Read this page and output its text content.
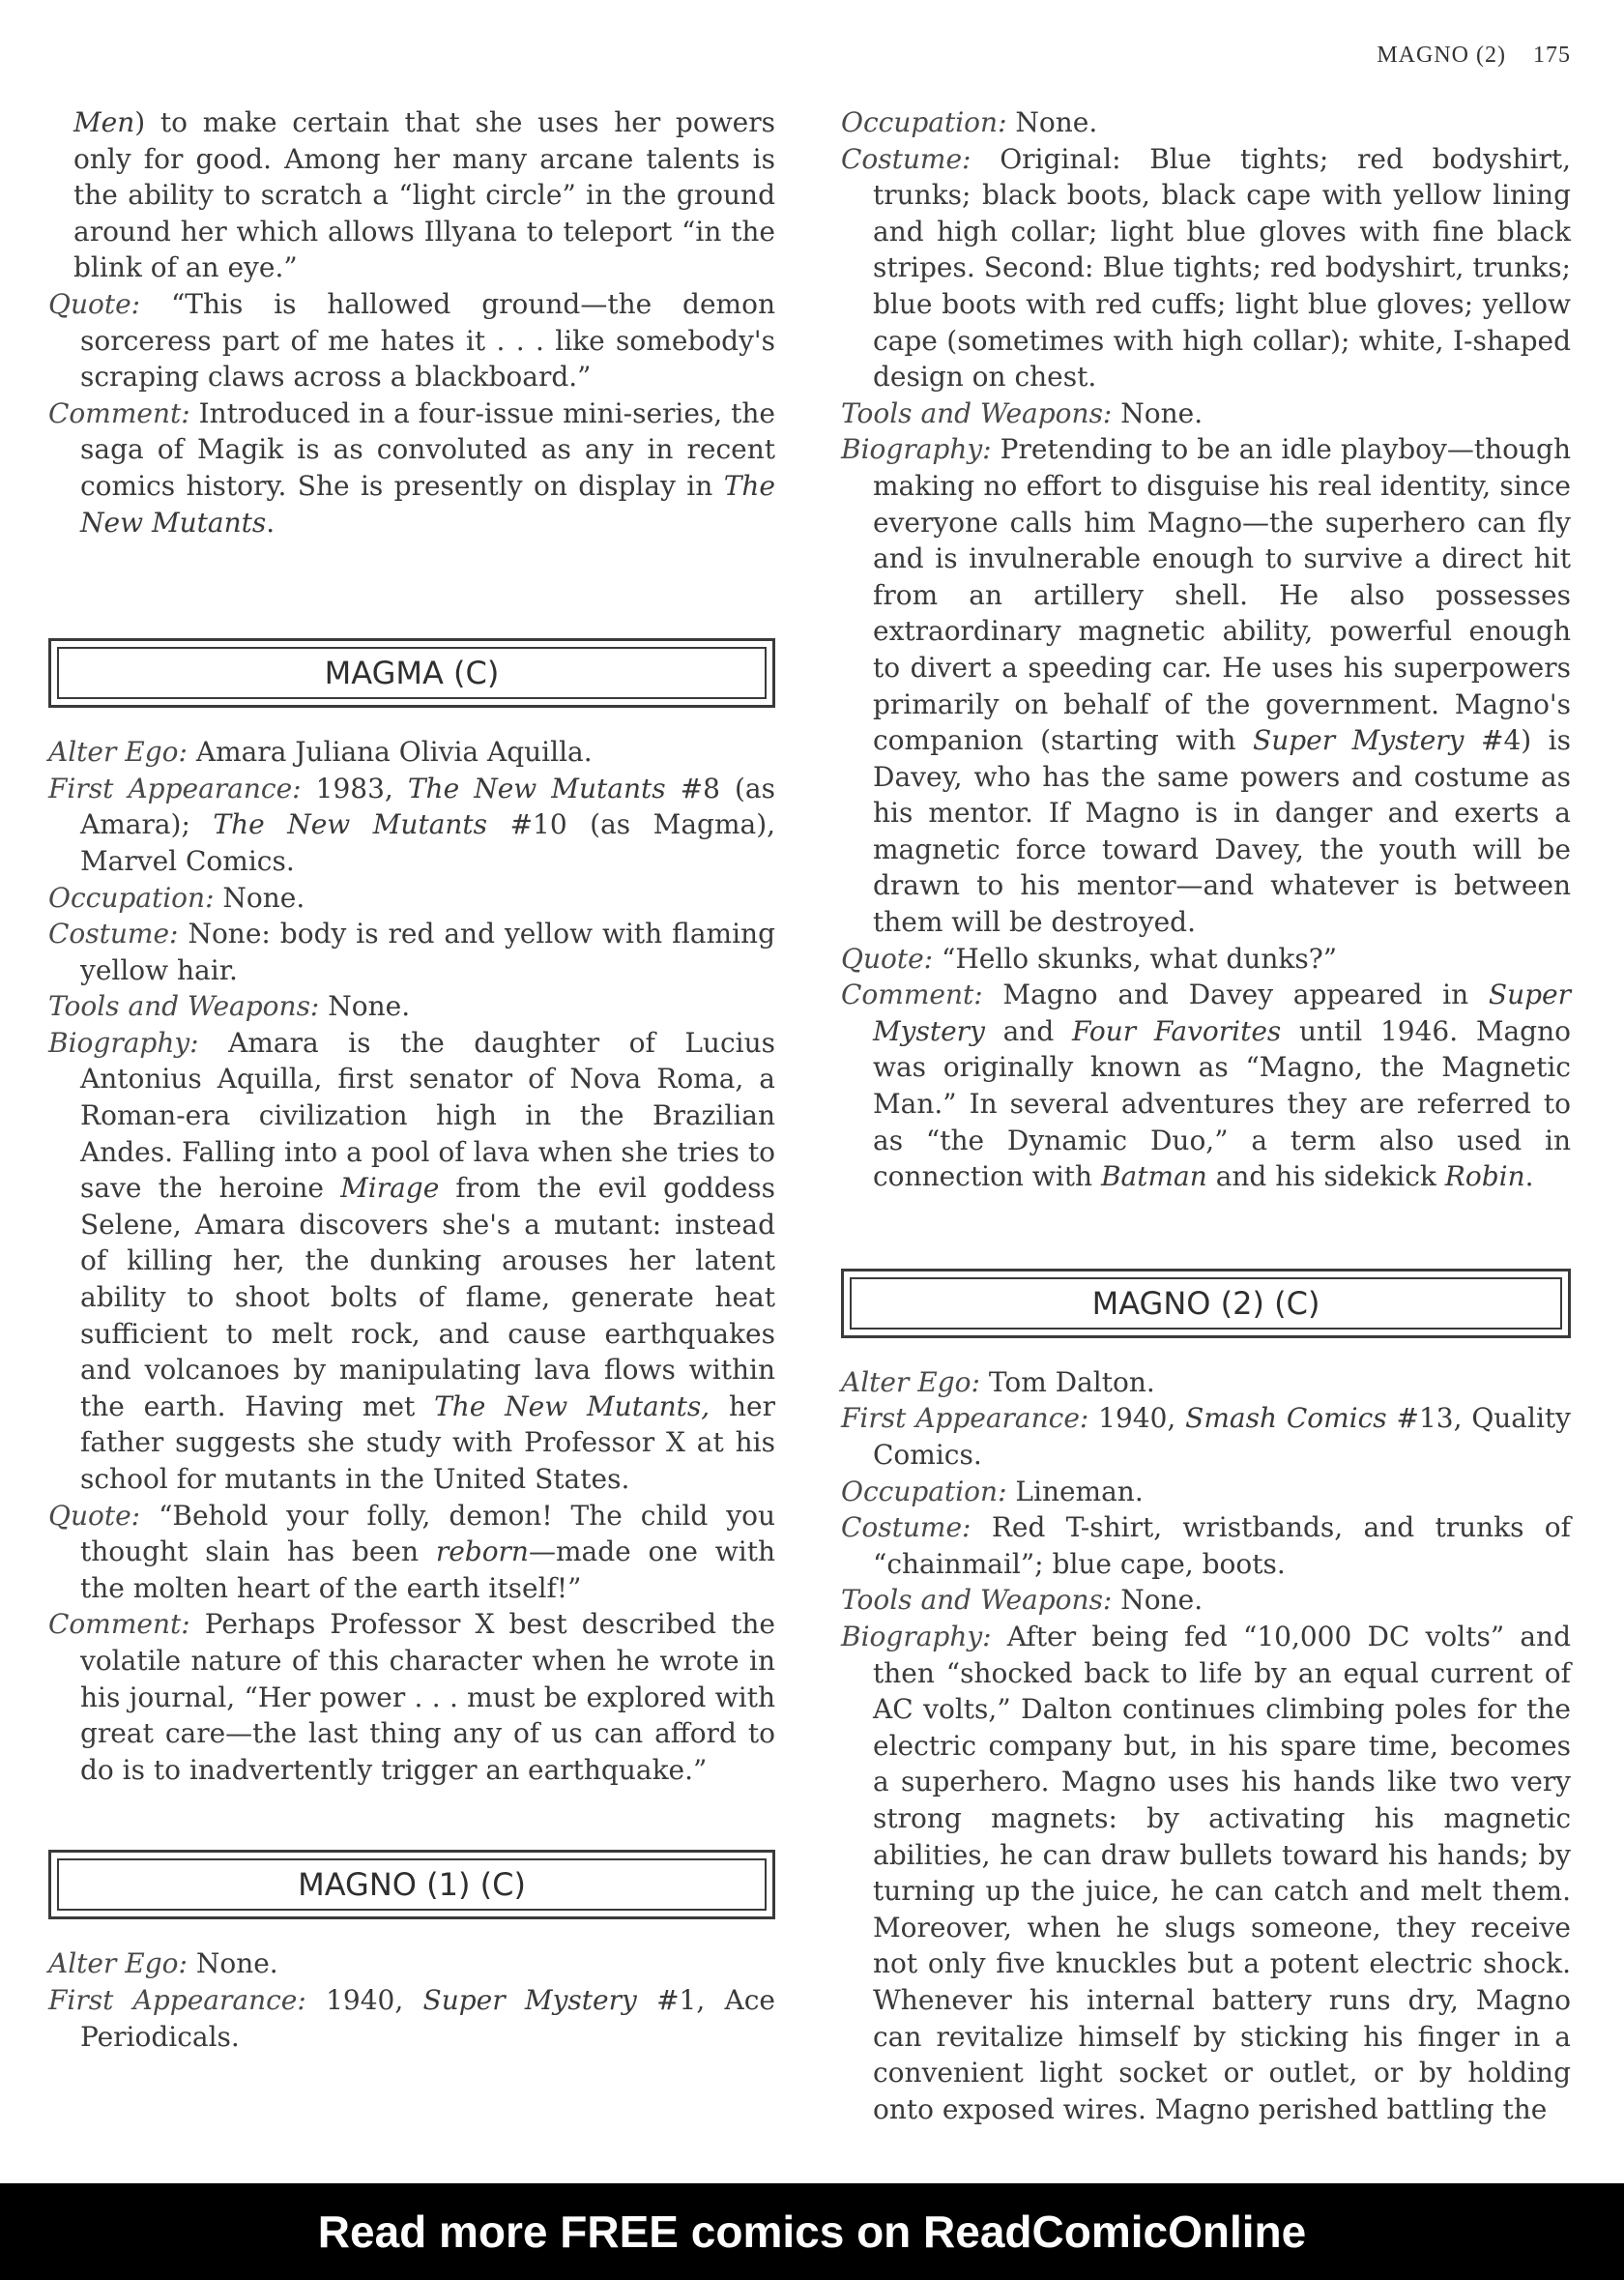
MAGNO (2) 175

Men) to make certain that she uses her powers only for good. Among her many arcane talents is the ability to scratch a “light circle” in the ground around her which allows Illyana to teleport “in the blink of an eye.”

Quote: “This is hallowed ground—the demon sorceress part of me hates it . . . like somebody's scraping claws across a blackboard.”

Comment: Introduced in a four-issue mini-series, the saga of Magik is as convoluted as any in recent comics history. She is presently on display in The New Mutants.

MAGMA (C)

Alter Ego: Amara Juliana Olivia Aquilla.

First Appearance: 1983, The New Mutants #8 (as Amara); The New Mutants #10 (as Magma), Marvel Comics.

Occupation: None.

Costume: None: body is red and yellow with flaming yellow hair.

Tools and Weapons: None.

Biography: Amara is the daughter of Lucius Antonius Aquilla, first senator of Nova Roma, a Roman-era civilization high in the Brazilian Andes. Falling into a pool of lava when she tries to save the heroine Mirage from the evil goddess Selene, Amara discovers she's a mutant: instead of killing her, the dunking arouses her latent ability to shoot bolts of flame, generate heat sufficient to melt rock, and cause earthquakes and volcanoes by manipulating lava flows within the earth. Having met The New Mutants, her father suggests she study with Professor X at his school for mutants in the United States.

Quote: “Behold your folly, demon! The child you thought slain has been reborn—made one with the molten heart of the earth itself!”

Comment: Perhaps Professor X best described the volatile nature of this character when he wrote in his journal, “Her power . . . must be explored with great care—the last thing any of us can afford to do is to inadvertently trigger an earthquake.”

MAGNO (1) (C)

Alter Ego: None.

First Appearance: 1940, Super Mystery #1, Ace Periodicals.

Occupation: None.

Costume: Original: Blue tights; red bodyshirt, trunks; black boots, black cape with yellow lining and high collar; light blue gloves with fine black stripes. Second: Blue tights; red bodyshirt, trunks; blue boots with red cuffs; light blue gloves; yellow cape (sometimes with high collar); white, I-shaped design on chest.

Tools and Weapons: None.

Biography: Pretending to be an idle playboy—though making no effort to disguise his real identity, since everyone calls him Magno—the superhero can fly and is invulnerable enough to survive a direct hit from an artillery shell. He also possesses extraordinary magnetic ability, powerful enough to divert a speeding car. He uses his superpowers primarily on behalf of the government. Magno's companion (starting with Super Mystery #4) is Davey, who has the same powers and costume as his mentor. If Magno is in danger and exerts a magnetic force toward Davey, the youth will be drawn to his mentor—and whatever is between them will be destroyed.

Quote: “Hello skunks, what dunks?”

Comment: Magno and Davey appeared in Super Mystery and Four Favorites until 1946. Magno was originally known as “Magno, the Magnetic Man.” In several adventures they are referred to as “the Dynamic Duo,” a term also used in connection with Batman and his sidekick Robin.

MAGNO (2) (C)

Alter Ego: Tom Dalton.

First Appearance: 1940, Smash Comics #13, Quality Comics.

Occupation: Lineman.

Costume: Red T-shirt, wristbands, and trunks of “chainmail”; blue cape, boots.

Tools and Weapons: None.

Biography: After being fed “10,000 DC volts” and then “shocked back to life by an equal current of AC volts,” Dalton continues climbing poles for the electric company but, in his spare time, becomes a superhero. Magno uses his hands like two very strong magnets: by activating his magnetic abilities, he can draw bullets toward his hands; by turning up the juice, he can catch and melt them. Moreover, when he slugs someone, they receive not only five knuckles but a potent electric shock. Whenever his internal battery runs dry, Magno can revitalize himself by sticking his finger in a convenient light socket or outlet, or by holding onto exposed wires. Magno perished battling the

Read more FREE comics on ReadComicOnline
